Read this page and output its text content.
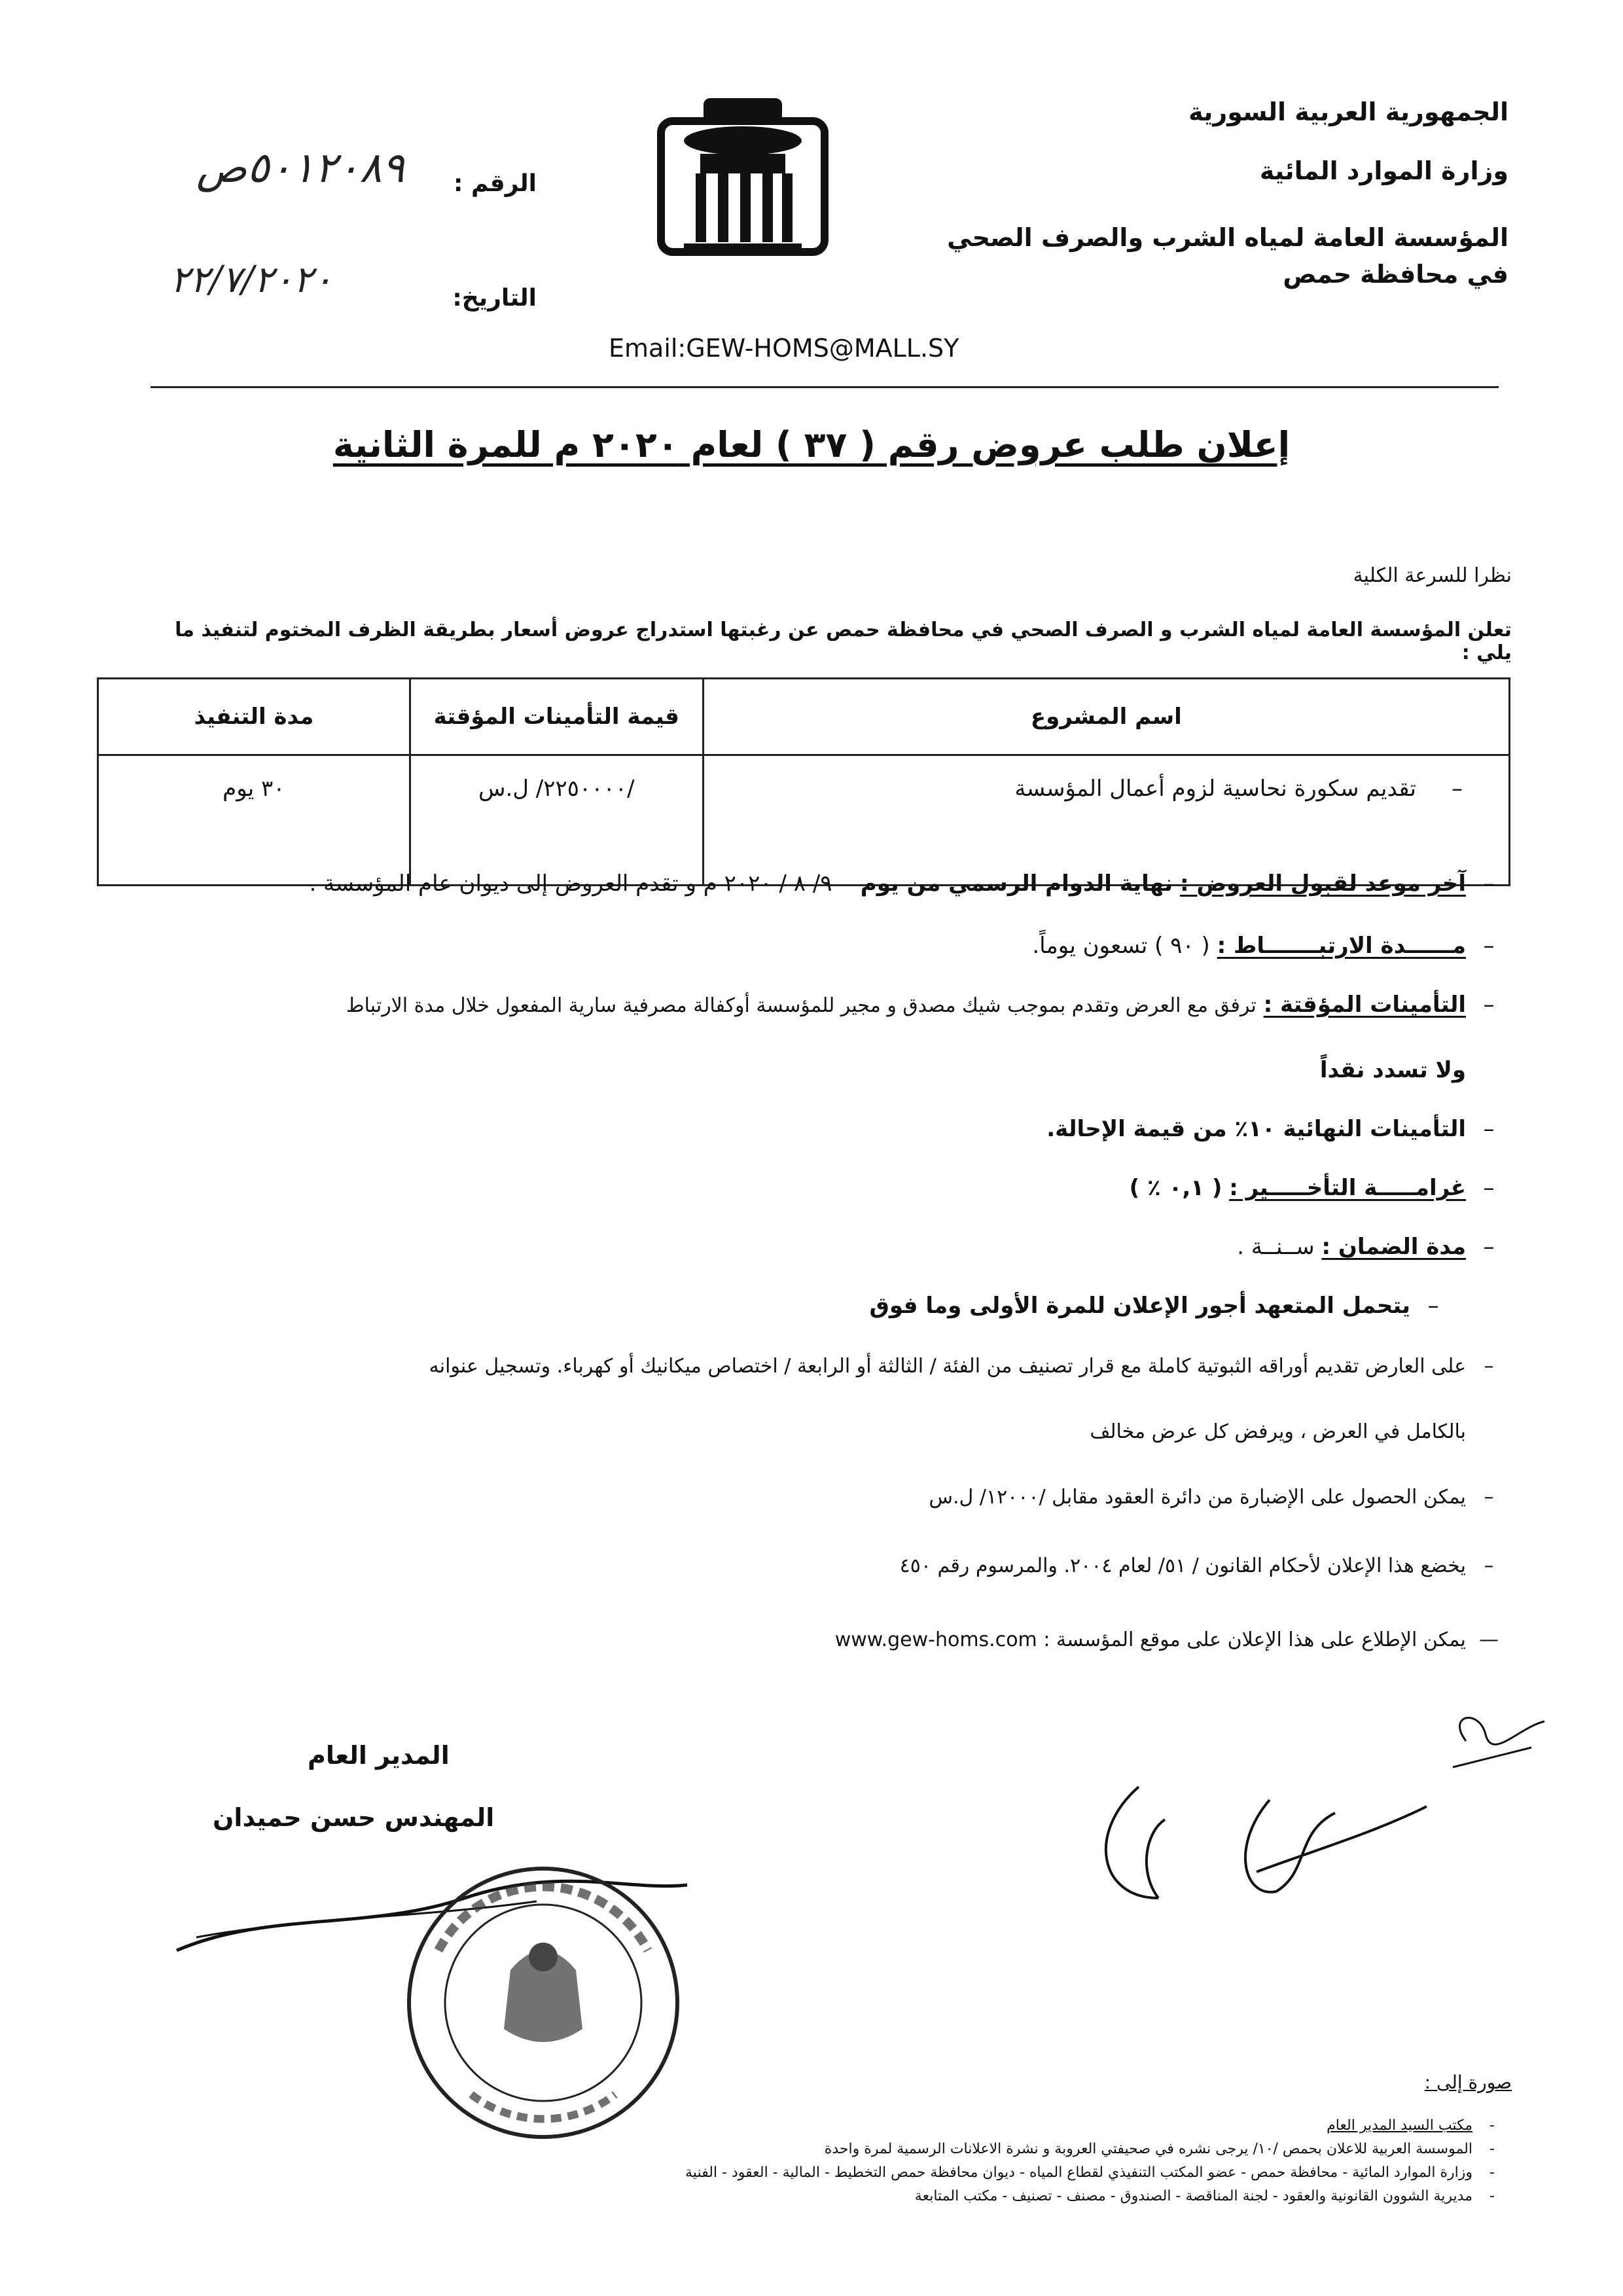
الجمهورية العربية السورية
وزارة الموارد المائية
المؤسسة العامة لمياه الشرب والصرف الصحي
في محافظة حمص
٥٠١٢٠٨٩ص الرقم :
٢٢/٧/٢٠٢٠	التاريخ:
Email:GEW-HOMS@MALL.SY
إعلان طلب عروض رقم ( ٣٧ ) لعام ٢٠٢٠ م للمرة الثانية
نظرا للسرعة الكلية
تعلن المؤسسة العامة لمياه الشرب و الصرف الصحي في محافظة حمص عن رغبتها استدراج عروض أسعار بطريقة الظرف المختوم لتنفيذ ما يلي :
اسم المشروع	قيمة التأمينات المؤقتة	مدة التنفيذ
–     تقديم سكورة نحاسية لزوم أعمال المؤسسة	/٢٢٥٠٠٠٠/ ل.س	٣٠ يوم
–آخر موعد لقبول العروض : نهاية الدوام الرسمي من يوم    ٩/ ٨ / ٢٠٢٠ م و تقدم العروض إلى ديوان عام المؤسسة .
–مــــــدة الارتبـــــــاط : ( ٩٠ ) تسعون يوماً.
–التأمينات المؤقتة : ترفق مع العرض وتقدم بموجب شيك مصدق و مجير للمؤسسة أوكفالة مصرفية سارية المفعول خلال مدة الارتباط
ولا تسدد نقداً
–التأمينات النهائية ١٠٪ من قيمة الإحالة.
–غرامـــــة التأخـــــير : ( ٠,١ ٪ )
–مدة الضمان : ســنــة .
–يتحمل المتعهد أجور الإعلان للمرة الأولى وما فوق
–على العارض تقديم أوراقه الثبوتية كاملة مع قرار تصنيف من الفئة / الثالثة أو الرابعة / اختصاص ميكانيك أو كهرباء. وتسجيل عنوانه
بالكامل في العرض ، ويرفض كل عرض مخالف
–يمكن الحصول على الإضبارة من دائرة العقود مقابل /١٢٠٠٠/ ل.س
–يخضع هذا الإعلان لأحكام القانون / ٥١/ لعام ٢٠٠٤. والمرسوم رقم ٤٥٠
—يمكن الإطلاع على هذا الإعلان على موقع المؤسسة : www.gew-homs.com
المدير العام
المهندس حسن حميدان
صورة إلى :
-مكتب السيد المدير العام
-الموسسة العربية للاعلان بحمص /١٠/ يرجى نشره في صحيفتي العروبة و نشرة الاعلانات الرسمية لمرة واحدة
-وزارة الموارد المائية - محافظة حمص - عضو المكتب التنفيذي لقطاع المياه - ديوان محافظة حمص التخطيط - المالية - العقود - الفنية
-مديرية الشوون القانونية والعقود - لجنة المناقصة - الصندوق - مصنف - تصنيف - مكتب المتابعة
